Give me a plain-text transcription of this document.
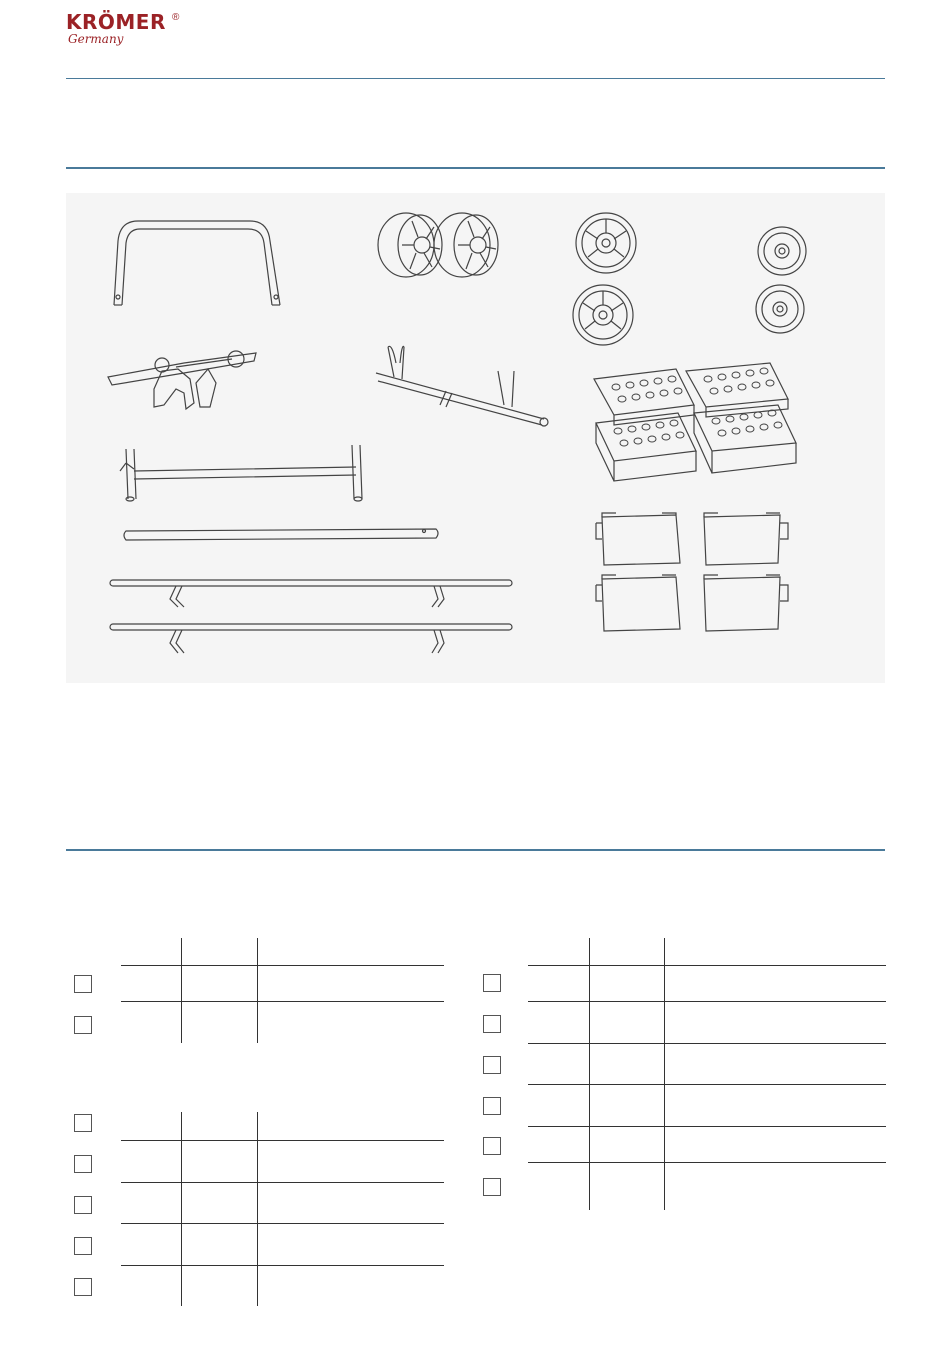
KRÖMER ®
Germany
